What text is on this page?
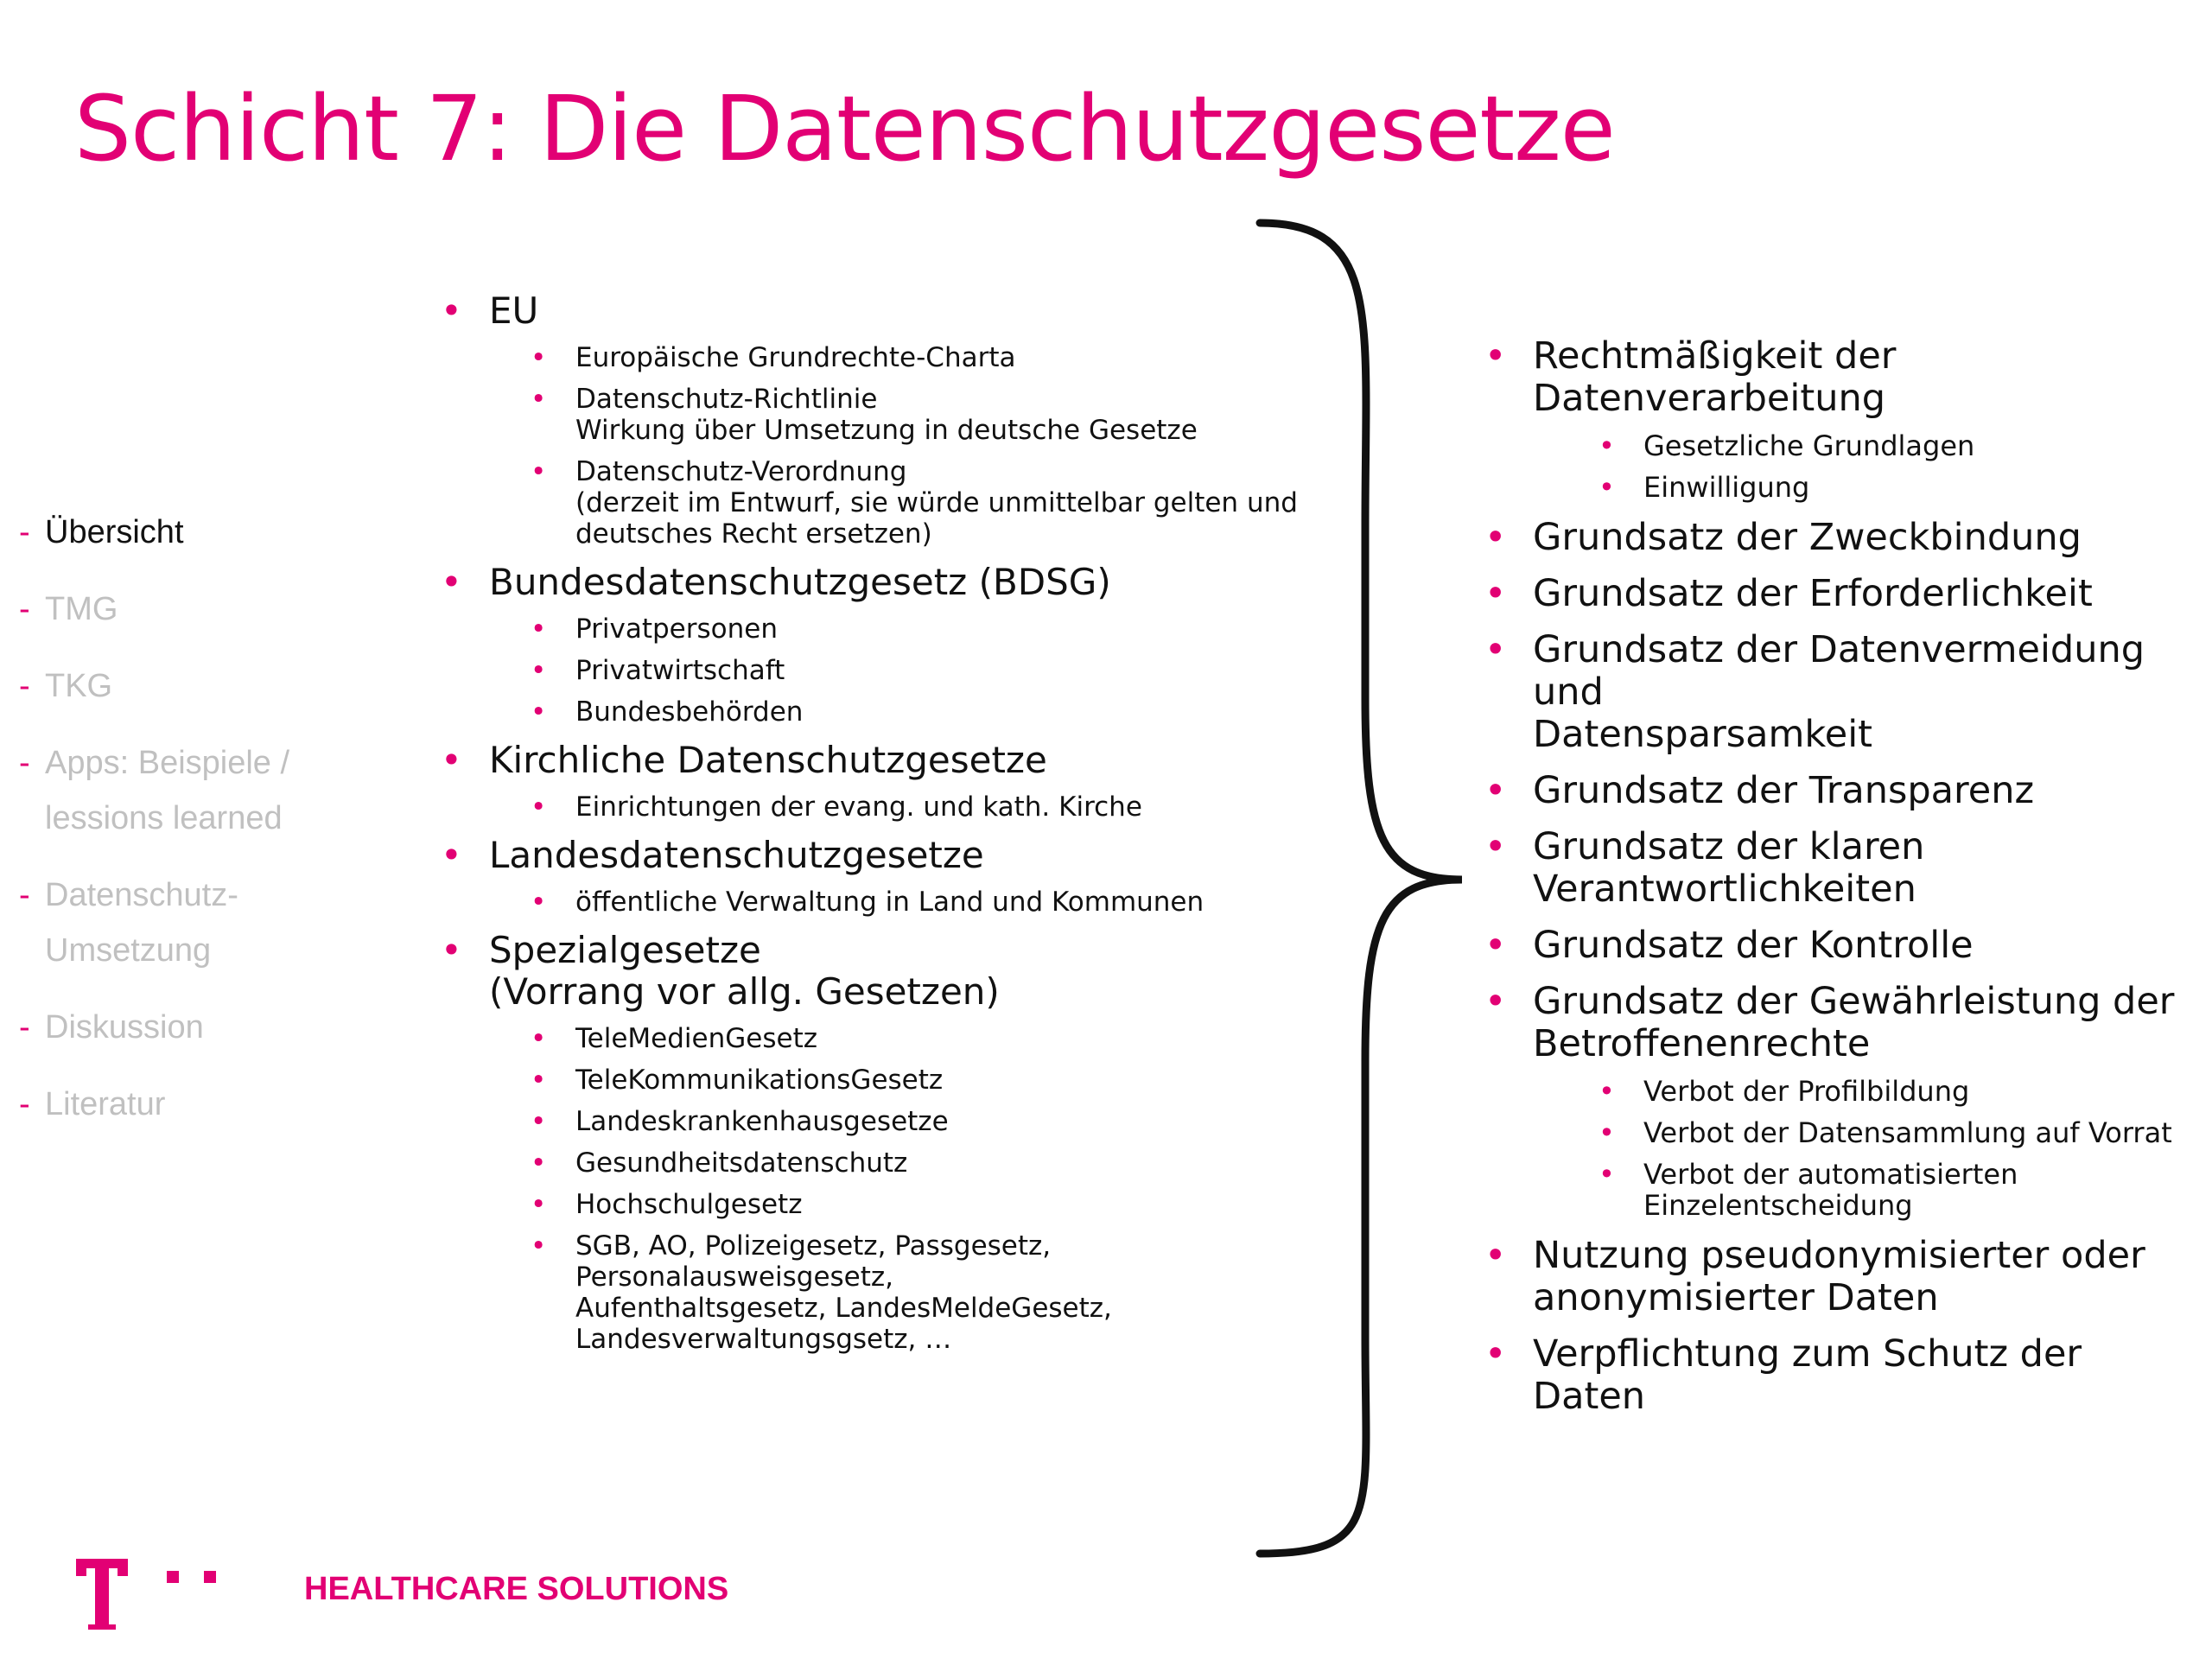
Schicht 7: Die Datenschutzgesetze
- Übersicht
- TMG
- TKG
- Apps: Beispiele /
lessions learned
- Datenschutz-
Umsetzung
- Diskussion
- Literatur
• EU
• Europäische Grundrechte-Charta
• Datenschutz-Richtlinie
Wirkung über Umsetzung in deutsche Gesetze
• Datenschutz-Verordnung
(derzeit im Entwurf, sie würde unmittelbar gelten und
deutsches Recht ersetzen)
• Bundesdatenschutzgesetz (BDSG)
• Privatpersonen
• Privatwirtschaft
• Bundesbehörden
• Kirchliche Datenschutzgesetze
• Einrichtungen der evang. und kath. Kirche
• Landesdatenschutzgesetze
• öffentliche Verwaltung in Land und Kommunen
• Spezialgesetze
(Vorrang vor allg. Gesetzen)
• TeleMedienGesetz
• TeleKommunikationsGesetz
• Landeskrankenhausgesetze
• Gesundheitsdatenschutz
• Hochschulgesetz
• SGB, AO, Polizeigesetz, Passgesetz, Personalausweisgesetz,
Aufenthaltsgesetz, LandesMeldeGesetz,
Landesverwaltungsgsetz, …
• Rechtmäßigkeit der
Datenverarbeitung
• Gesetzliche Grundlagen
• Einwilligung
• Grundsatz der Zweckbindung
• Grundsatz der Erforderlichkeit
• Grundsatz der Datenvermeidung und
Datensparsamkeit
• Grundsatz der Transparenz
• Grundsatz der klaren
Verantwortlichkeiten
• Grundsatz der Kontrolle
• Grundsatz der Gewährleistung der
Betroffenenrechte
• Verbot der Profilbildung
• Verbot der Datensammlung auf Vorrat
• Verbot der automatisierten
Einzelentscheidung
• Nutzung pseudonymisierter oder
anonymisierter Daten
• Verpflichtung zum Schutz der Daten
HEALTHCARE SOLUTIONS
